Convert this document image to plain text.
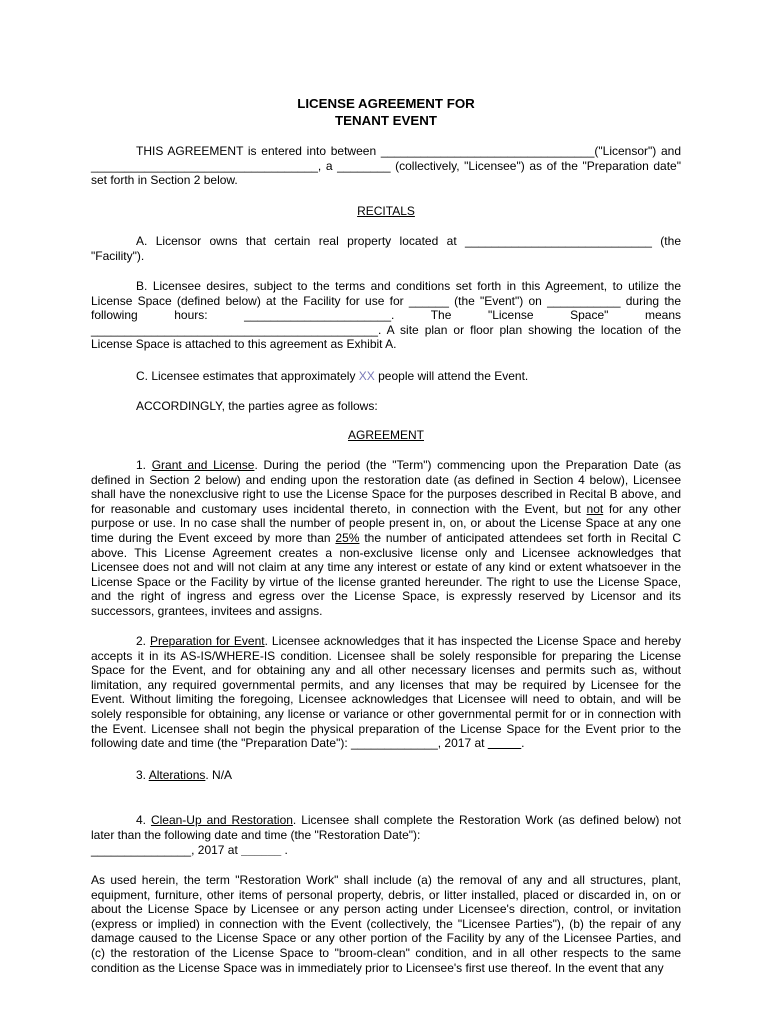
LICENSE AGREEMENT FOR
TENANT EVENT
THIS AGREEMENT is entered into between ________________________________("Licensor") and __________________________________, a ________ (collectively, "Licensee") as of the "Preparation date" set forth in Section 2 below.
RECITALS
A. Licensor owns that certain real property located at ____________________________ (the "Facility").
B. Licensee desires, subject to the terms and conditions set forth in this Agreement, to utilize the License Space (defined below) at the Facility for use for ______ (the "Event") on ___________ during the following hours: ______________________. The "License Space" means ___________________________________________. A site plan or floor plan showing the location of the License Space is attached to this agreement as Exhibit A.
C. Licensee estimates that approximately XX people will attend the Event.
ACCORDINGLY, the parties agree as follows:
AGREEMENT
1. Grant and License. During the period (the "Term") commencing upon the Preparation Date (as defined in Section 2 below) and ending upon the restoration date (as defined in Section 4 below), Licensee shall have the nonexclusive right to use the License Space for the purposes described in Recital B above, and for reasonable and customary uses incidental thereto, in connection with the Event, but not for any other purpose or use. In no case shall the number of people present in, on, or about the License Space at any one time during the Event exceed by more than 25% the number of anticipated attendees set forth in Recital C above. This License Agreement creates a non-exclusive license only and Licensee acknowledges that Licensee does not and will not claim at any time any interest or estate of any kind or extent whatsoever in the License Space or the Facility by virtue of the license granted hereunder. The right to use the License Space, and the right of ingress and egress over the License Space, is expressly reserved by Licensor and its successors, grantees, invitees and assigns.
2. Preparation for Event. Licensee acknowledges that it has inspected the License Space and hereby accepts it in its AS-IS/WHERE-IS condition. Licensee shall be solely responsible for preparing the License Space for the Event, and for obtaining any and all other necessary licenses and permits such as, without limitation, any required governmental permits, and any licenses that may be required by Licensee for the Event. Without limiting the foregoing, Licensee acknowledges that Licensee will need to obtain, and will be solely responsible for obtaining, any license or variance or other governmental permit for or in connection with the Event. Licensee shall not begin the physical preparation of the License Space for the Event prior to the following date and time (the "Preparation Date"): _____________, 2017 at _____.
3. Alterations. N/A
4. Clean-Up and Restoration. Licensee shall complete the Restoration Work (as defined below) not later than the following date and time (the "Restoration Date"):
_______________, 2017 at ______ .
As used herein, the term "Restoration Work" shall include (a) the removal of any and all structures, plant, equipment, furniture, other items of personal property, debris, or litter installed, placed or discarded in, on or about the License Space by Licensee or any person acting under Licensee's direction, control, or invitation (express or implied) in connection with the Event (collectively, the "Licensee Parties"), (b) the repair of any damage caused to the License Space or any other portion of the Facility by any of the Licensee Parties, and (c) the restoration of the License Space to "broom-clean" condition, and in all other respects to the same condition as the License Space was in immediately prior to Licensee's first use thereof. In the event that any
